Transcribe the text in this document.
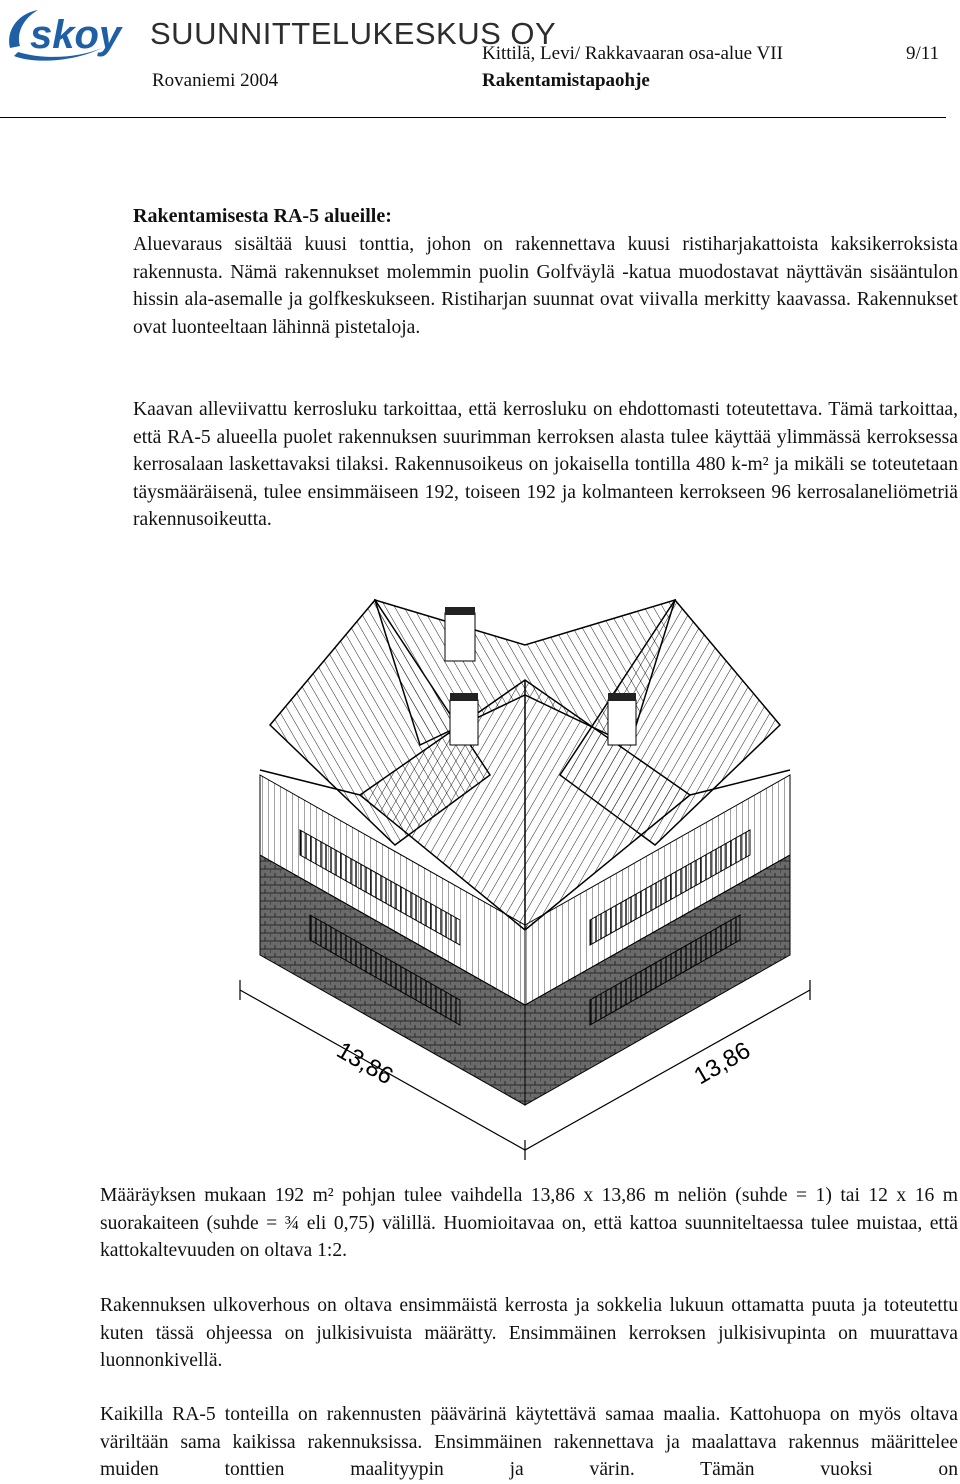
skoy SUUNNITTELUKESKUS OY
Kittilä, Levi/ Rakkavaaran osa-alue VII	9/11
Rovaniemi 2004	Rakentamistapaohje
Rakentamisesta RA-5 alueille:
Aluevaraus sisältää kuusi tonttia, johon on rakennettava kuusi ristiharjakattoista kaksikerroksista rakennusta. Nämä rakennukset molemmin puolin Golfväylä -katua muodostavat näyttävän sisääntulon hissin ala-asemalle ja golfkeskukseen. Ristiharjan suunnat ovat viivalla merkitty kaavassa. Rakennukset ovat luonteeltaan lähinnä pistetaloja.
Kaavan alleviivattu kerrosluku tarkoittaa, että kerrosluku on ehdottomasti toteutettava. Tämä tarkoittaa, että RA-5 alueella puolet rakennuksen suurimman kerroksen alasta tulee käyttää ylimmässä kerroksessa kerrosalaan laskettavaksi tilaksi. Rakennusoikeus on jokaisella tontilla 480 k-m² ja mikäli se toteutetaan täysmääräisenä, tulee ensimmäiseen 192, toiseen 192 ja kolmanteen kerrokseen 96 kerrosalaneliömetriä rakennusoikeutta.
13,86	13,86
Määräyksen mukaan 192 m² pohjan tulee vaihdella 13,86 x 13,86 m neliön (suhde = 1) tai 12 x 16 m suorakaiteen (suhde = ¾ eli 0,75) välillä. Huomioitavaa on, että kattoa suunniteltaessa tulee muistaa, että kattokaltevuuden on oltava 1:2.
Rakennuksen ulkoverhous on oltava ensimmäistä kerrosta ja sokkelia lukuun ottamatta puuta ja toteutettu kuten tässä ohjeessa on julkisivuista määrätty. Ensimmäinen kerroksen julkisivupinta on muurattava luonnonkivellä.
Kaikilla RA-5 tonteilla on rakennusten päävärinä käytettävä samaa maalia. Kattohuopa on myös oltava väriltään sama kaikissa rakennuksissa. Ensimmäinen rakennettava ja maalattava rakennus määrittelee muiden tonttien maalityypin ja värin. Tämän vuoksi on
